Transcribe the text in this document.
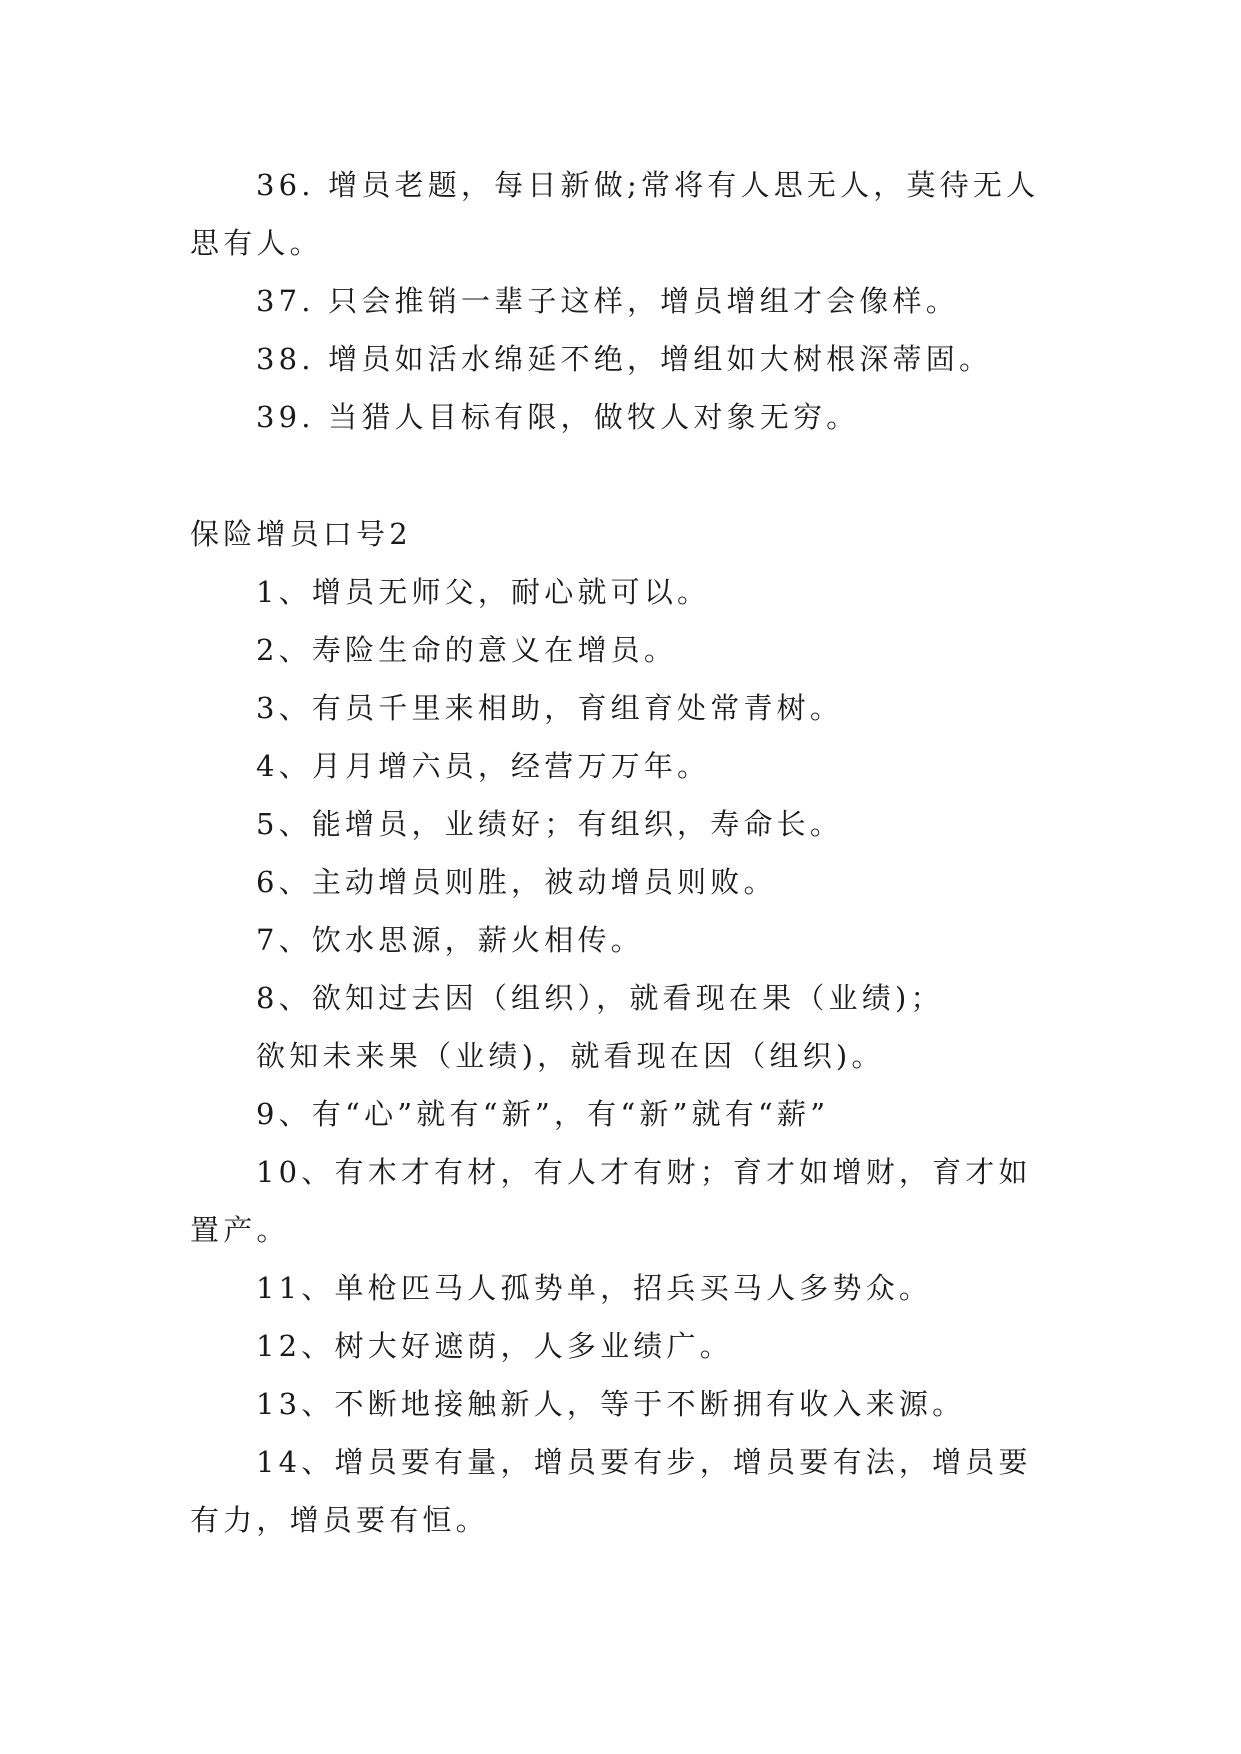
36. 增员老题，每日新做;常将有人思无人，莫待无人思有人。

37. 只会推销一辈子这样，增员增组才会像样。

38. 增员如活水绵延不绝，增组如大树根深蒂固。

39. 当猎人目标有限，做牧人对象无穷。

保险增员口号2

1、增员无师父，耐心就可以。

2、寿险生命的意义在增员。

3、有员千里来相助，育组育处常青树。

4、月月增六员，经营万万年。

5、能增员，业绩好；有组织，寿命长。

6、主动增员则胜，被动增员则败。

7、饮水思源，薪火相传。

8、欲知过去因（组织），就看现在果（业绩)；

欲知未来果（业绩)，就看现在因（组织)。

9、有“心”就有“新”，有“新”就有“薪”

10、有木才有材，有人才有财；育才如增财，育才如置产。

11、单枪匹马人孤势单，招兵买马人多势众。

12、树大好遮荫，人多业绩广。

13、不断地接触新人，等于不断拥有收入来源。

14、增员要有量，增员要有步，增员要有法，增员要有力，增员要有恒。
